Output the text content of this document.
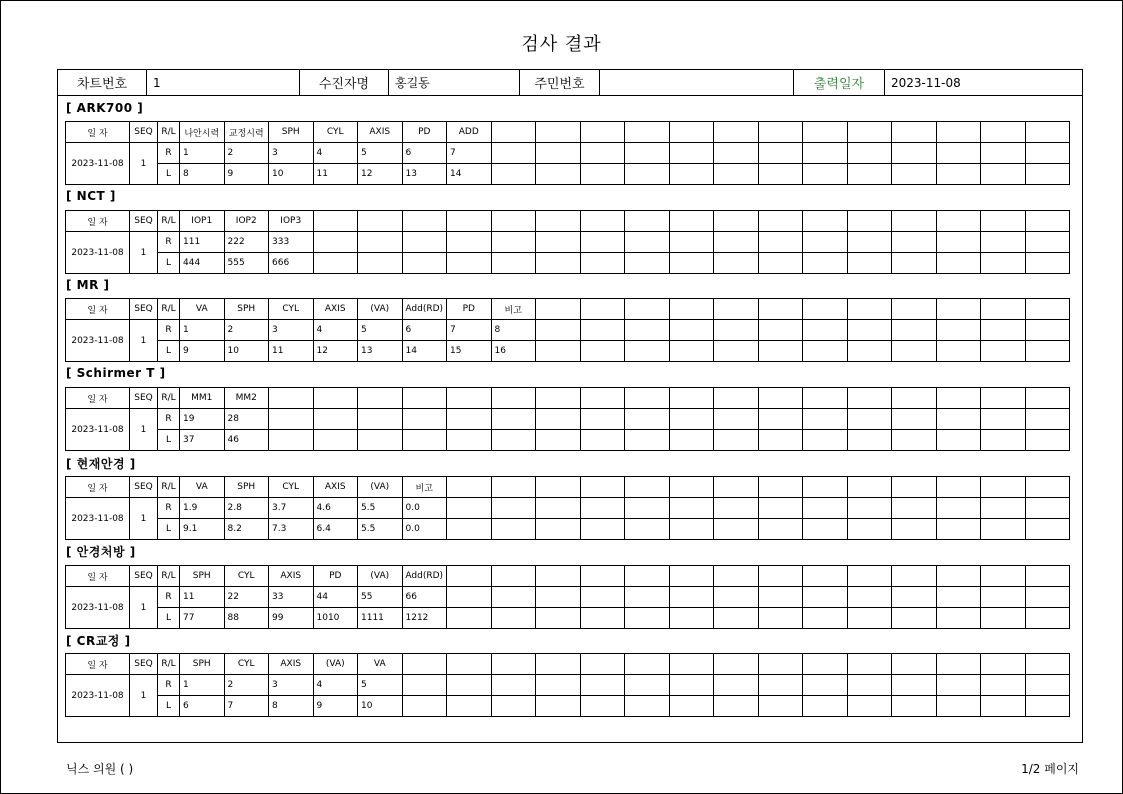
검사 결과
차트번호	1	수진자명	홍길동	주민번호		출력일자	2023-11-08
[ ARK700 ]
일 자	SEQ	R/L	나안시력	교정시력	SPH	CYL	AXIS	PD	ADD													
2023-11-08	1	R	1	2	3	4	5	6	7													
		L	8	9	10	11	12	13	14													
[ NCT ]
일 자	SEQ	R/L	IOP1	IOP2	IOP3																	
2023-11-08	1	R	111	222	333																	
		L	444	555	666																	
[ MR ]
일 자	SEQ	R/L	VA	SPH	CYL	AXIS	(VA)	Add(RD)	PD	비고												
2023-11-08	1	R	1	2	3	4	5	6	7	8												
		L	9	10	11	12	13	14	15	16												
[ Schirmer T ]
일 자	SEQ	R/L	MM1	MM2																		
2023-11-08	1	R	19	28																		
		L	37	46																		
[ 현재안경 ]
일 자	SEQ	R/L	VA	SPH	CYL	AXIS	(VA)	비고														
2023-11-08	1	R	1.9	2.8	3.7	4.6	5.5	0.0														
		L	9.1	8.2	7.3	6.4	5.5	0.0														
[ 안경처방 ]
일 자	SEQ	R/L	SPH	CYL	AXIS	PD	(VA)	Add(RD)														
2023-11-08	1	R	11	22	33	44	55	66														
		L	77	88	99	1010	1111	1212														
[ CR교정 ]
일 자	SEQ	R/L	SPH	CYL	AXIS	(VA)	VA															
2023-11-08	1	R	1	2	3	4	5															
		L	6	7	8	9	10															
닉스 의원 ( )	1/2 페이지
